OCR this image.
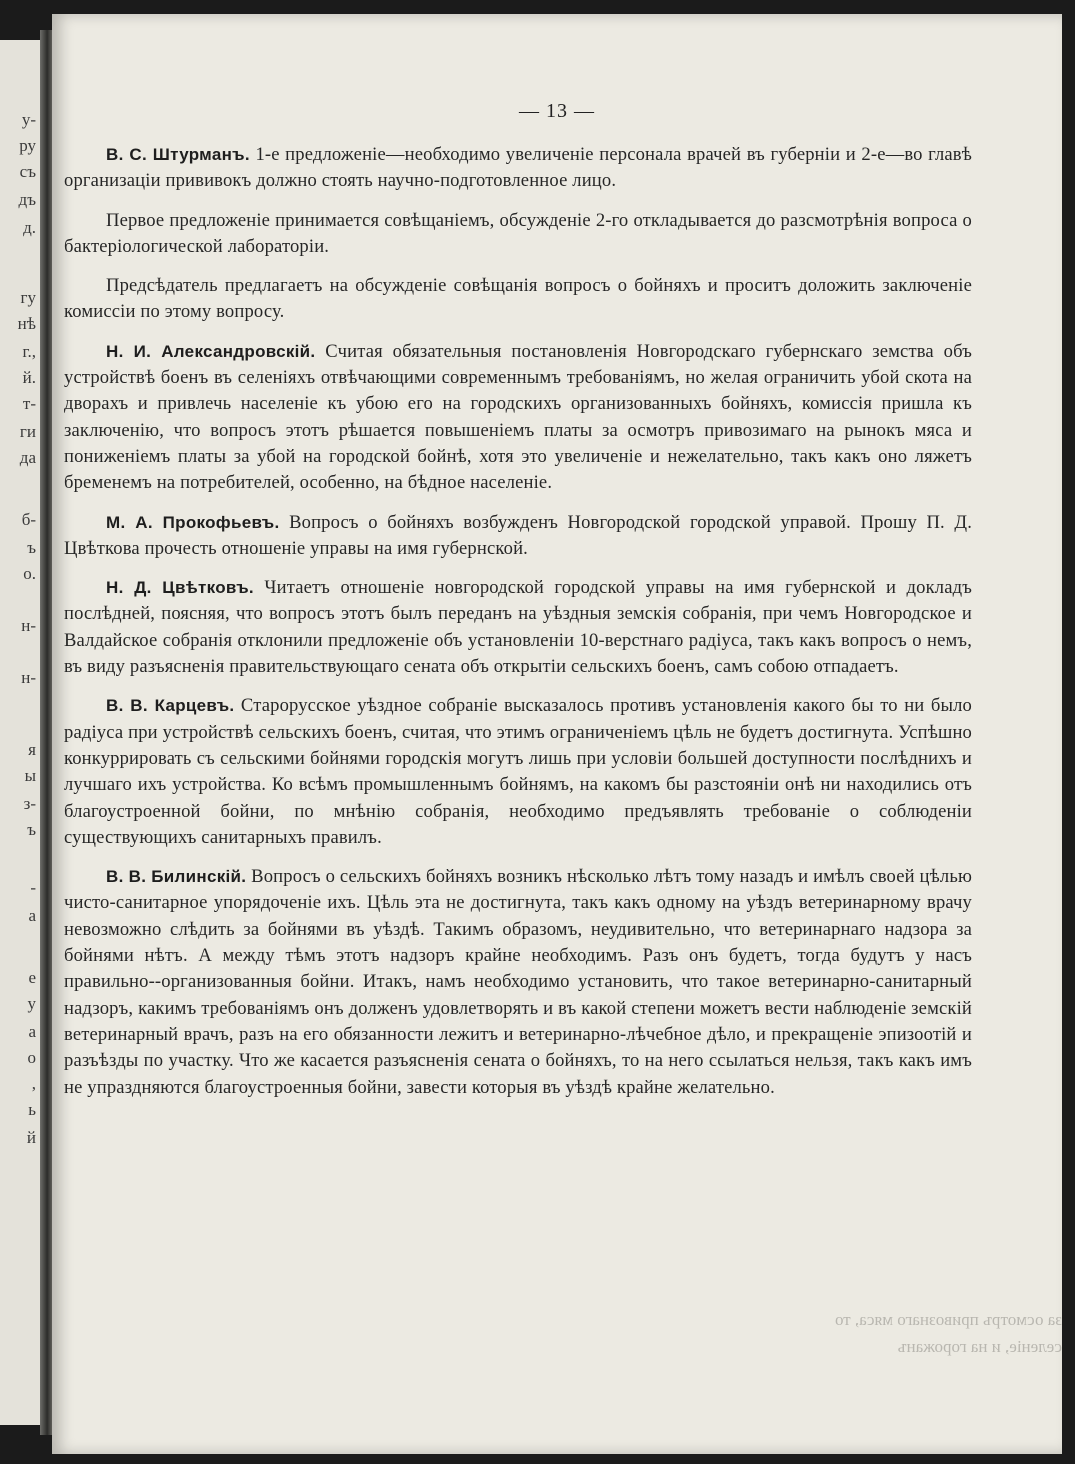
у-
ру
съ
дъ
д.
гу
нѣ
г.,
й.
т-
ги
да
б-
ъ
о.
н-
н-
я
ы
з-
ъ
-
а
е
у
а
о
,
ь
й
— 13 —

В. С. Штурманъ. 1-е предложеніе—необходимо увеличеніе персонала врачей въ губерніи и 2-е—во главѣ организаціи прививокъ должно стоять научно-подготовленное лицо.

Первое предложеніе принимается совѣщаніемъ, обсужденіе 2-го откладывается до разсмотрѣнія вопроса о бактеріологической лабораторіи.

Предсѣдатель предлагаетъ на обсужденіе совѣщанія вопросъ о бойняхъ и проситъ доложить заключеніе комиссіи по этому вопросу.

Н. И. Александровскій. Считая обязательныя постановленія Новгородскаго губернскаго земства объ устройствѣ боенъ въ селеніяхъ отвѣчающими современнымъ требованіямъ, но желая ограничить убой скота на дворахъ и привлечь населеніе къ убою его на городскихъ организованныхъ бойняхъ, комиссія пришла къ заключенію, что вопросъ этотъ рѣшается повышеніемъ платы за осмотръ привозимаго на рынокъ мяса и пониженіемъ платы за убой на городской бойнѣ, хотя это увеличеніе и нежелательно, такъ какъ оно ляжетъ бременемъ на потребителей, особенно, на бѣдное населеніе.

М. А. Прокофьевъ. Вопросъ о бойняхъ возбужденъ Новгородской городской управой. Прошу П. Д. Цвѣткова прочесть отношеніе управы на имя губернской.

Н. Д. Цвѣтковъ. Читаетъ отношеніе новгородской городской управы на имя губернской и докладъ послѣдней, поясняя, что вопросъ этотъ былъ переданъ на уѣздныя земскія собранія, при чемъ Новгородское и Валдайское собранія отклонили предложеніе объ установленіи 10-верстнаго радіуса, такъ какъ вопросъ о немъ, въ виду разъясненія правительствующаго сената объ открытіи сельскихъ боенъ, самъ собою отпадаетъ.

В. В. Карцевъ. Старорусское уѣздное собраніе высказалось противъ установленія какого бы то ни было радіуса при устройствѣ сельскихъ боенъ, считая, что этимъ ограниченіемъ цѣль не будетъ достигнута. Успѣшно конкуррировать съ сельскими бойнями городскія могутъ лишь при условіи большей доступности послѣднихъ и лучшаго ихъ устройства. Ко всѣмъ промышленнымъ бойнямъ, на какомъ бы разстояніи онѣ ни находились отъ благоустроенной бойни, по мнѣнію собранія, необходимо предъявлять требованіе о соблюденіи существующихъ санитарныхъ правилъ.

В. В. Билинскій. Вопросъ о сельскихъ бойняхъ возникъ нѣсколько лѣтъ тому назадъ и имѣлъ своей цѣлью чисто-санитарное упорядоченіе ихъ. Цѣль эта не достигнута, такъ какъ одному на уѣздъ ветеринарному врачу невозможно слѣдить за бойнями въ уѣздѣ. Такимъ образомъ, неудивительно, что ветеринарнаго надзора за бойнями нѣтъ. А между тѣмъ этотъ надзоръ крайне необходимъ. Разъ онъ будетъ, тогда будутъ у насъ правильно--организованныя бойни. Итакъ, намъ необходимо установить, что такое ветеринарно-санитарный надзоръ, какимъ требованіямъ онъ долженъ удовлетворять и въ какой степени можетъ вести наблюденіе земскій ветеринарный врачъ, разъ на его обязанности лежитъ и ветеринарно-лѣчебное дѣло, и прекращеніе эпизоотій и разъѣзды по участку. Что же касается разъясненія сената о бойняхъ, то на него ссылаться нельзя, такъ какъ имъ не упраздняются благоустроенныя бойни, завести которыя въ уѣздѣ крайне желательно.

за осмотръ привознаго мяса, то
селеніе, и на горожанъ
